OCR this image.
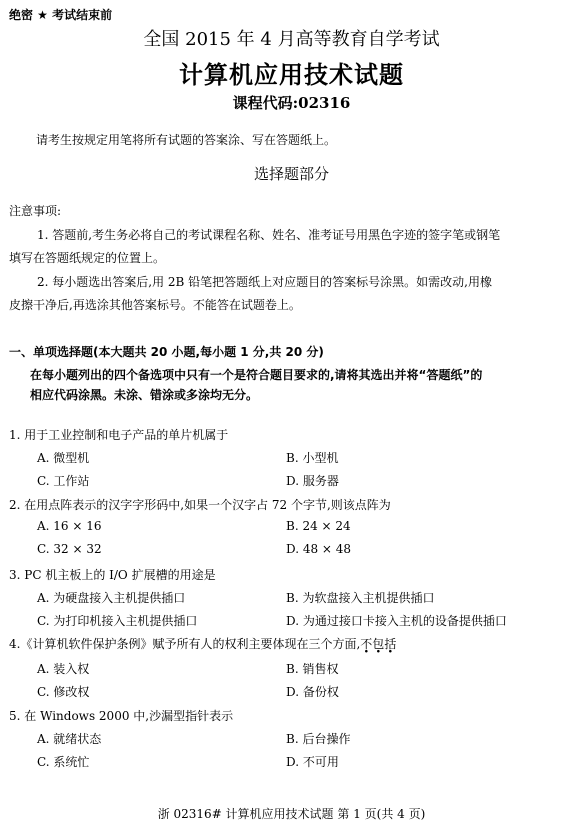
绝密 ★ 考试结束前
全国 2015 年 4 月高等教育自学考试
计算机应用技术试题
课程代码:02316
请考生按规定用笔将所有试题的答案涂、写在答题纸上。
选择题部分
注意事项:
1. 答题前,考生务必将自己的考试课程名称、姓名、准考证号用黑色字迹的签字笔或钢笔
填写在答题纸规定的位置上。
2. 每小题选出答案后,用 2B 铅笔把答题纸上对应题目的答案标号涂黑。如需改动,用橡
皮擦干净后,再选涂其他答案标号。不能答在试题卷上。
一、单项选择题(本大题共 20 小题,每小题 1 分,共 20 分)
在每小题列出的四个备选项中只有一个是符合题目要求的,请将其选出并将“答题纸”的
相应代码涂黑。未涂、错涂或多涂均无分。
1. 用于工业控制和电子产品的单片机属于
A. 微型机	B. 小型机
C. 工作站	D. 服务器
2. 在用点阵表示的汉字字形码中,如果一个汉字占 72 个字节,则该点阵为
A. 16 × 16	B. 24 × 24
C. 32 × 32	D. 48 × 48
3. PC 机主板上的 I/O 扩展槽的用途是
A. 为硬盘接入主机提供插口	B. 为软盘接入主机提供插口
C. 为打印机接入主机提供插口	D. 为通过接口卡接入主机的设备提供插口
4.《计算机软件保护条例》赋予所有人的权利主要体现在三个方面,不包括
A. 装入权	B. 销售权
C. 修改权	D. 备份权
5. 在 Windows 2000 中,沙漏型指针表示
A. 就绪状态	B. 后台操作
C. 系统忙	D. 不可用
浙 02316# 计算机应用技术试题 第 1 页(共 4 页)
